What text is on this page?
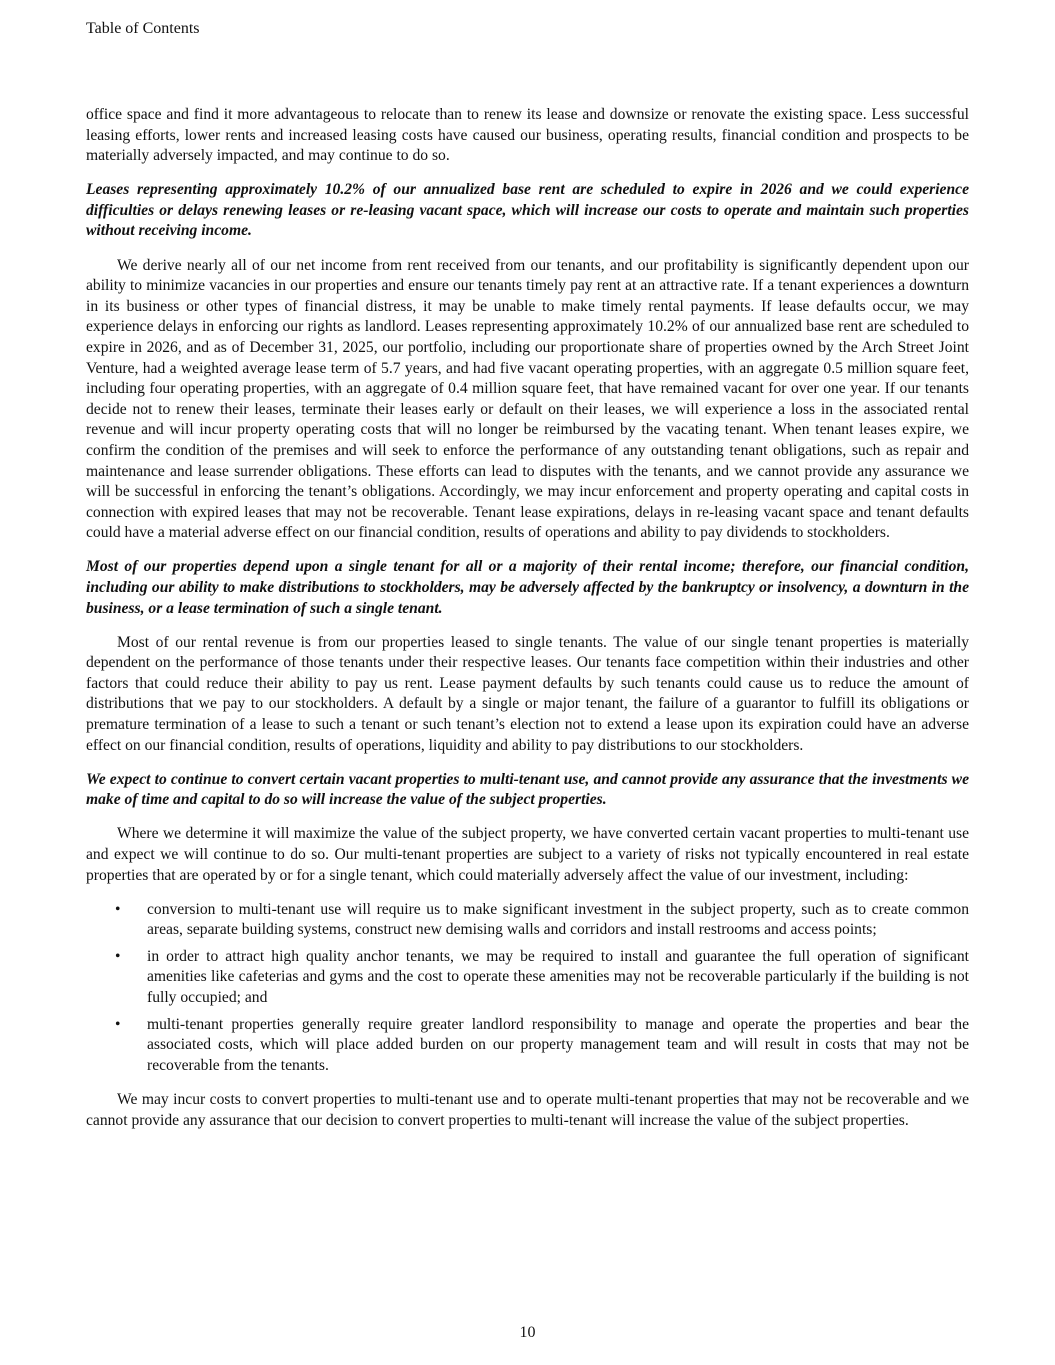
Table of Contents

office space and find it more advantageous to relocate than to renew its lease and downsize or renovate the existing space. Less successful leasing efforts, lower rents and increased leasing costs have caused our business, operating results, financial condition and prospects to be materially adversely impacted, and may continue to do so.

Leases representing approximately 10.2% of our annualized base rent are scheduled to expire in 2026 and we could experience difficulties or delays renewing leases or re-leasing vacant space, which will increase our costs to operate and maintain such properties without receiving income.

We derive nearly all of our net income from rent received from our tenants, and our profitability is significantly dependent upon our ability to minimize vacancies in our properties and ensure our tenants timely pay rent at an attractive rate. If a tenant experiences a downturn in its business or other types of financial distress, it may be unable to make timely rental payments. If lease defaults occur, we may experience delays in enforcing our rights as landlord. Leases representing approximately 10.2% of our annualized base rent are scheduled to expire in 2026, and as of December 31, 2025, our portfolio, including our proportionate share of properties owned by the Arch Street Joint Venture, had a weighted average lease term of 5.7 years, and had five vacant operating properties, with an aggregate 0.5 million square feet, including four operating properties, with an aggregate of 0.4 million square feet, that have remained vacant for over one year. If our tenants decide not to renew their leases, terminate their leases early or default on their leases, we will experience a loss in the associated rental revenue and will incur property operating costs that will no longer be reimbursed by the vacating tenant. When tenant leases expire, we confirm the condition of the premises and will seek to enforce the performance of any outstanding tenant obligations, such as repair and maintenance and lease surrender obligations. These efforts can lead to disputes with the tenants, and we cannot provide any assurance we will be successful in enforcing the tenant’s obligations. Accordingly, we may incur enforcement and property operating and capital costs in connection with expired leases that may not be recoverable. Tenant lease expirations, delays in re-leasing vacant space and tenant defaults could have a material adverse effect on our financial condition, results of operations and ability to pay dividends to stockholders.

Most of our properties depend upon a single tenant for all or a majority of their rental income; therefore, our financial condition, including our ability to make distributions to stockholders, may be adversely affected by the bankruptcy or insolvency, a downturn in the business, or a lease termination of such a single tenant.

Most of our rental revenue is from our properties leased to single tenants. The value of our single tenant properties is materially dependent on the performance of those tenants under their respective leases. Our tenants face competition within their industries and other factors that could reduce their ability to pay us rent. Lease payment defaults by such tenants could cause us to reduce the amount of distributions that we pay to our stockholders. A default by a single or major tenant, the failure of a guarantor to fulfill its obligations or premature termination of a lease to such a tenant or such tenant’s election not to extend a lease upon its expiration could have an adverse effect on our financial condition, results of operations, liquidity and ability to pay distributions to our stockholders.

We expect to continue to convert certain vacant properties to multi-tenant use, and cannot provide any assurance that the investments we make of time and capital to do so will increase the value of the subject properties.

Where we determine it will maximize the value of the subject property, we have converted certain vacant properties to multi-tenant use and expect we will continue to do so. Our multi-tenant properties are subject to a variety of risks not typically encountered in real estate properties that are operated by or for a single tenant, which could materially adversely affect the value of our investment, including:

• conversion to multi-tenant use will require us to make significant investment in the subject property, such as to create common areas, separate building systems, construct new demising walls and corridors and install restrooms and access points;
• in order to attract high quality anchor tenants, we may be required to install and guarantee the full operation of significant amenities like cafeterias and gyms and the cost to operate these amenities may not be recoverable particularly if the building is not fully occupied; and
• multi-tenant properties generally require greater landlord responsibility to manage and operate the properties and bear the associated costs, which will place added burden on our property management team and will result in costs that may not be recoverable from the tenants.

We may incur costs to convert properties to multi-tenant use and to operate multi-tenant properties that may not be recoverable and we cannot provide any assurance that our decision to convert properties to multi-tenant will increase the value of the subject properties.

10
